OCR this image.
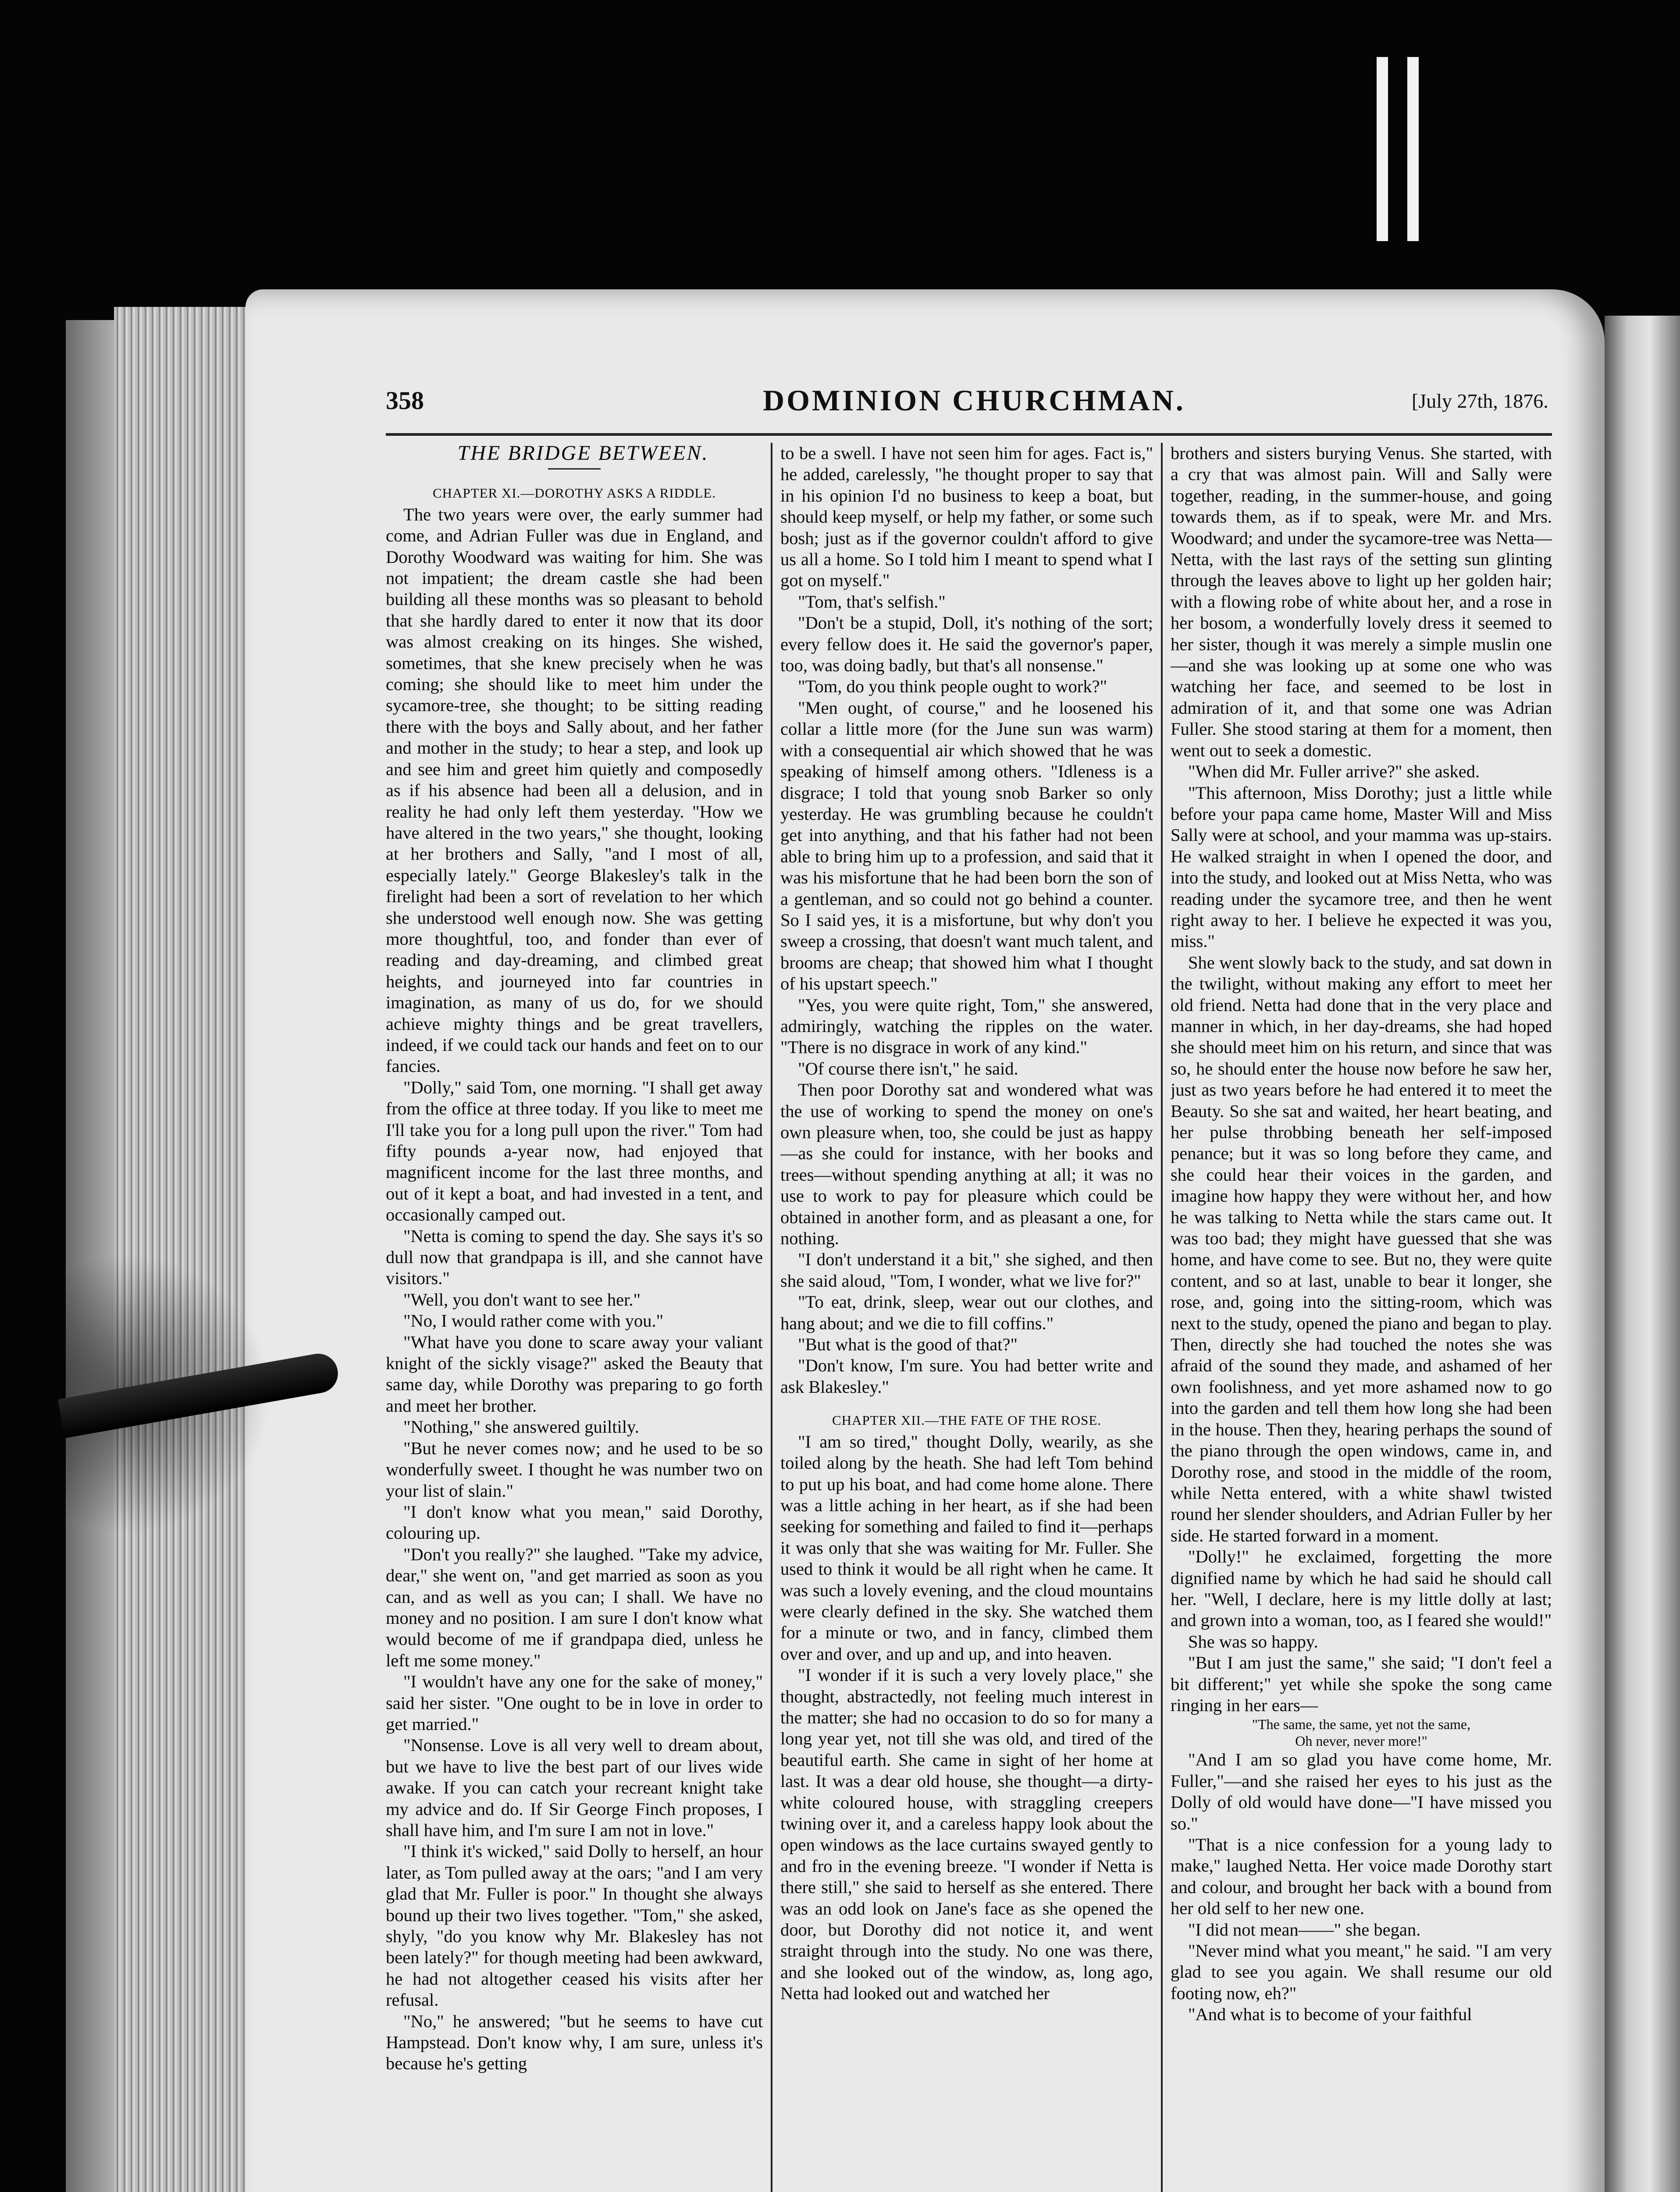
358	DOMINION CHURCHMAN.	[July 27th, 1876.

THE BRIDGE BETWEEN.

CHAPTER XI.—DOROTHY ASKS A RIDDLE.

The two years were over, the early summer had come, and Adrian Fuller was due in England, and Dorothy Woodward was waiting for him. She was not impatient; the dream castle she had been building all these months was so pleasant to behold that she hardly dared to enter it now that its door was almost creaking on its hinges. She wished, sometimes, that she knew precisely when he was coming; she should like to meet him under the sycamore-tree, she thought; to be sitting reading there with the boys and Sally about, and her father and mother in the study; to hear a step, and look up and see him and greet him quietly and composedly as if his absence had been all a delusion, and in reality he had only left them yesterday. "How we have altered in the two years," she thought, looking at her brothers and Sally, "and I most of all, especially lately." George Blakesley's talk in the firelight had been a sort of revelation to her which she understood well enough now. She was getting more thoughtful, too, and fonder than ever of reading and day-dreaming, and climbed great heights, and journeyed into far countries in imagination, as many of us do, for we should achieve mighty things and be great travellers, indeed, if we could tack our hands and feet on to our fancies.

"Dolly," said Tom, one morning. "I shall get away from the office at three today. If you like to meet me I'll take you for a long pull upon the river." Tom had fifty pounds a-year now, had enjoyed that magnificent income for the last three months, and out of it kept a boat, and had invested in a tent, and occasionally camped out.

"Netta is coming to spend the day. She says it's so dull now that grandpapa is ill, and she cannot have visitors."

"Well, you don't want to see her."

"No, I would rather come with you."

"What have you done to scare away your valiant knight of the sickly visage?" asked the Beauty that same day, while Dorothy was preparing to go forth and meet her brother.

"Nothing," she answered guiltily.

"But he never comes now; and he used to be so wonderfully sweet. I thought he was number two on your list of slain."

"I don't know what you mean," said Dorothy, colouring up.

"Don't you really?" she laughed. "Take my advice, dear," she went on, "and get married as soon as you can, and as well as you can; I shall. We have no money and no position. I am sure I don't know what would become of me if grandpapa died, unless he left me some money."

"I wouldn't have any one for the sake of money," said her sister. "One ought to be in love in order to get married."

"Nonsense. Love is all very well to dream about, but we have to live the best part of our lives wide awake. If you can catch your recreant knight take my advice and do. If Sir George Finch proposes, I shall have him, and I'm sure I am not in love."

"I think it's wicked," said Dolly to herself, an hour later, as Tom pulled away at the oars; "and I am very glad that Mr. Fuller is poor." In thought she always bound up their two lives together. "Tom," she asked, shyly, "do you know why Mr. Blakesley has not been lately?" for though meeting had been awkward, he had not altogether ceased his visits after her refusal.

"No," he answered; "but he seems to have cut Hampstead. Don't know why, I am sure, unless it's because he's getting

to be a swell. I have not seen him for ages. Fact is," he added, carelessly, "he thought proper to say that in his opinion I'd no business to keep a boat, but should keep myself, or help my father, or some such bosh; just as if the governor couldn't afford to give us all a home. So I told him I meant to spend what I got on myself."

"Tom, that's selfish."

"Don't be a stupid, Doll, it's nothing of the sort; every fellow does it. He said the governor's paper, too, was doing badly, but that's all nonsense."

"Tom, do you think people ought to work?"

"Men ought, of course," and he loosened his collar a little more (for the June sun was warm) with a consequential air which showed that he was speaking of himself among others. "Idleness is a disgrace; I told that young snob Barker so only yesterday. He was grumbling because he couldn't get into anything, and that his father had not been able to bring him up to a profession, and said that it was his misfortune that he had been born the son of a gentleman, and so could not go behind a counter. So I said yes, it is a misfortune, but why don't you sweep a crossing, that doesn't want much talent, and brooms are cheap; that showed him what I thought of his upstart speech."

"Yes, you were quite right, Tom," she answered, admiringly, watching the ripples on the water. "There is no disgrace in work of any kind."

"Of course there isn't," he said.

Then poor Dorothy sat and wondered what was the use of working to spend the money on one's own pleasure when, too, she could be just as happy—as she could for instance, with her books and trees—without spending anything at all; it was no use to work to pay for pleasure which could be obtained in another form, and as pleasant a one, for nothing.

"I don't understand it a bit," she sighed, and then she said aloud, "Tom, I wonder, what we live for?"

"To eat, drink, sleep, wear out our clothes, and hang about; and we die to fill coffins."

"But what is the good of that?"

"Don't know, I'm sure. You had better write and ask Blakesley."

CHAPTER XII.—THE FATE OF THE ROSE.

"I am so tired," thought Dolly, wearily, as she toiled along by the heath. She had left Tom behind to put up his boat, and had come home alone. There was a little aching in her heart, as if she had been seeking for something and failed to find it—perhaps it was only that she was waiting for Mr. Fuller. She used to think it would be all right when he came. It was such a lovely evening, and the cloud mountains were clearly defined in the sky. She watched them for a minute or two, and in fancy, climbed them over and over, and up and up, and into heaven.

"I wonder if it is such a very lovely place," she thought, abstractedly, not feeling much interest in the matter; she had no occasion to do so for many a long year yet, not till she was old, and tired of the beautiful earth. She came in sight of her home at last. It was a dear old house, she thought—a dirty-white coloured house, with straggling creepers twining over it, and a careless happy look about the open windows as the lace curtains swayed gently to and fro in the evening breeze. "I wonder if Netta is there still," she said to herself as she entered. There was an odd look on Jane's face as she opened the door, but Dorothy did not notice it, and went straight through into the study. No one was there, and she looked out of the window, as, long ago, Netta had looked out and watched her

brothers and sisters burying Venus. She started, with a cry that was almost pain. Will and Sally were together, reading, in the summer-house, and going towards them, as if to speak, were Mr. and Mrs. Woodward; and under the sycamore-tree was Netta—Netta, with the last rays of the setting sun glinting through the leaves above to light up her golden hair; with a flowing robe of white about her, and a rose in her bosom, a wonderfully lovely dress it seemed to her sister, though it was merely a simple muslin one—and she was looking up at some one who was watching her face, and seemed to be lost in admiration of it, and that some one was Adrian Fuller. She stood staring at them for a moment, then went out to seek a domestic.

"When did Mr. Fuller arrive?" she asked.

"This afternoon, Miss Dorothy; just a little while before your papa came home, Master Will and Miss Sally were at school, and your mamma was up-stairs. He walked straight in when I opened the door, and into the study, and looked out at Miss Netta, who was reading under the sycamore tree, and then he went right away to her. I believe he expected it was you, miss."

She went slowly back to the study, and sat down in the twilight, without making any effort to meet her old friend. Netta had done that in the very place and manner in which, in her day-dreams, she had hoped she should meet him on his return, and since that was so, he should enter the house now before he saw her, just as two years before he had entered it to meet the Beauty. So she sat and waited, her heart beating, and her pulse throbbing beneath her self-imposed penance; but it was so long before they came, and she could hear their voices in the garden, and imagine how happy they were without her, and how he was talking to Netta while the stars came out. It was too bad; they might have guessed that she was home, and have come to see. But no, they were quite content, and so at last, unable to bear it longer, she rose, and, going into the sitting-room, which was next to the study, opened the piano and began to play. Then, directly she had touched the notes she was afraid of the sound they made, and ashamed of her own foolishness, and yet more ashamed now to go into the garden and tell them how long she had been in the house. Then they, hearing perhaps the sound of the piano through the open windows, came in, and Dorothy rose, and stood in the middle of the room, while Netta entered, with a white shawl twisted round her slender shoulders, and Adrian Fuller by her side. He started forward in a moment.

"Dolly!" he exclaimed, forgetting the more dignified name by which he had said he should call her. "Well, I declare, here is my little dolly at last; and grown into a woman, too, as I feared she would!"

She was so happy.

"But I am just the same," she said; "I don't feel a bit different;" yet while she spoke the song came ringing in her ears—

"The same, the same, yet not the same,

Oh never, never more!"

"And I am so glad you have come home, Mr. Fuller,"—and she raised her eyes to his just as the Dolly of old would have done—"I have missed you so."

"That is a nice confession for a young lady to make," laughed Netta. Her voice made Dorothy start and colour, and brought her back with a bound from her old self to her new one.

"I did not mean——" she began.

"Never mind what you meant," he said. "I am very glad to see you again. We shall resume our old footing now, eh?"

"And what is to become of your faithful
